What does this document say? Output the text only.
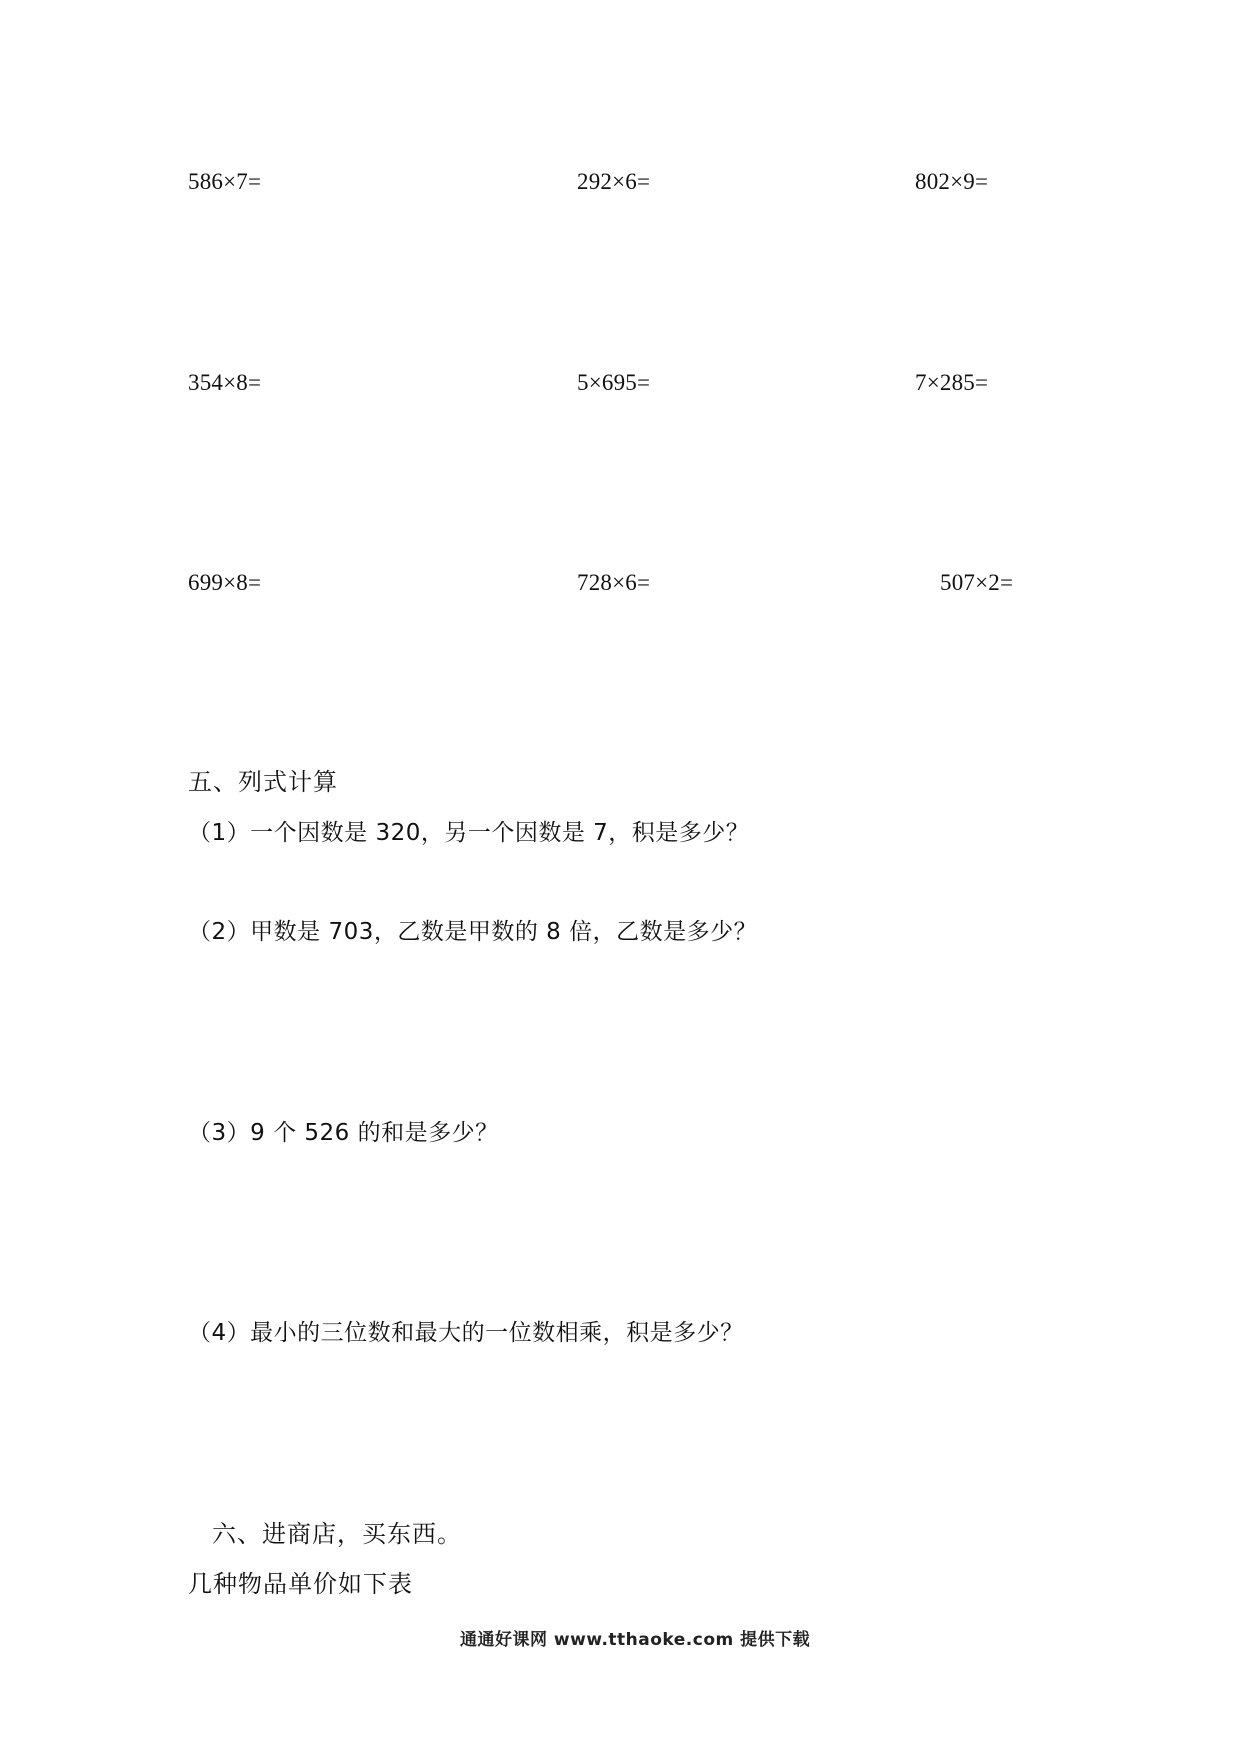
586×7=	292×6=	802×9=
354×8=	5×695=	7×285=
699×8=	728×6=	507×2=
五、列式计算
（1）一个因数是 320，另一个因数是 7，积是多少？
（2）甲数是 703，乙数是甲数的 8 倍，乙数是多少？
（3）9 个 526 的和是多少？
（4）最小的三位数和最大的一位数相乘，积是多少？
六、进商店，买东西。
几种物品单价如下表
通通好课网 www.tthaoke.com 提供下载
